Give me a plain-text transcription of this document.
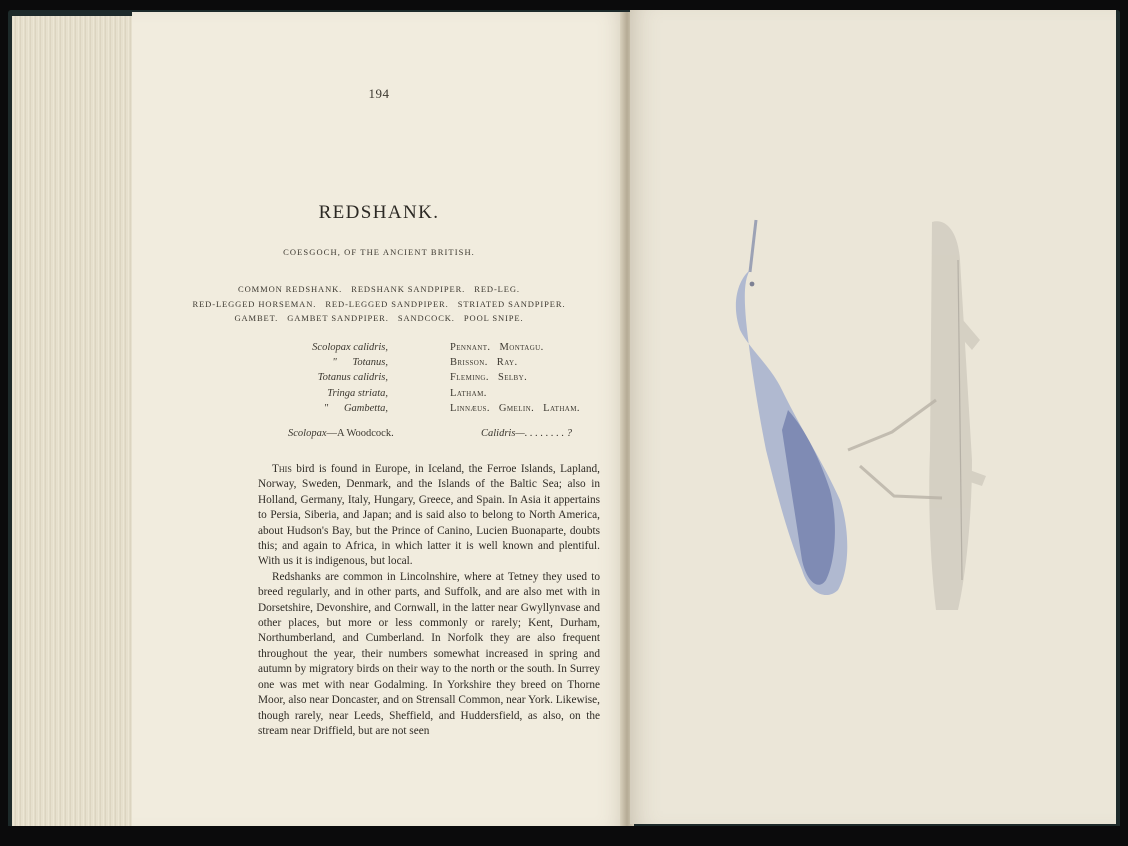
194
REDSHANK.
COESGOCH, OF THE ANCIENT BRITISH.
COMMON REDSHANK.   REDSHANK SANDPIPER.   RED-LEG.
RED-LEGGED HORSEMAN.   RED-LEGGED SANDPIPER.   STRIATED SANDPIPER.
GAMBET.   GAMBET SANDPIPER.   SANDCOCK.   POOL SNIPE.
Scolopax calidris,
"      Totanus,
Totanus calidris,
Tringa striata,
"      Gambetta,
Pennant.   Montagu.
Brisson.   Ray.
Fleming.   Selby.
Latham.
Linnæus.   Gmelin.   Latham.
Scolopax—A Woodcock.	Calidris—. . . . . . . . ?

This bird is found in Europe, in Iceland, the Ferroe Islands, Lapland, Norway, Sweden, Denmark, and the Islands of the Baltic Sea; also in Holland, Germany, Italy, Hungary, Greece, and Spain. In Asia it appertains to Persia, Siberia, and Japan; and is said also to belong to North America, about Hudson's Bay, but the Prince of Canino, Lucien Buonaparte, doubts this; and again to Africa, in which latter it is well known and plentiful. With us it is indigenous, but local.

Redshanks are common in Lincolnshire, where at Tetney they used to breed regularly, and in other parts, and Suffolk, and are also met with in Dorsetshire, Devonshire, and Cornwall, in the latter near Gwyllynvase and other places, but more or less commonly or rarely; Kent, Durham, Northumberland, and Cumberland. In Norfolk they are also frequent throughout the year, their numbers somewhat increased in spring and autumn by migratory birds on their way to the north or the south. In Surrey one was met with near Godalming. In Yorkshire they breed on Thorne Moor, also near Doncaster, and on Strensall Common, near York. Likewise, though rarely, near Leeds, Sheffield, and Huddersfield, as also, on the stream near Driffield, but are not seen
